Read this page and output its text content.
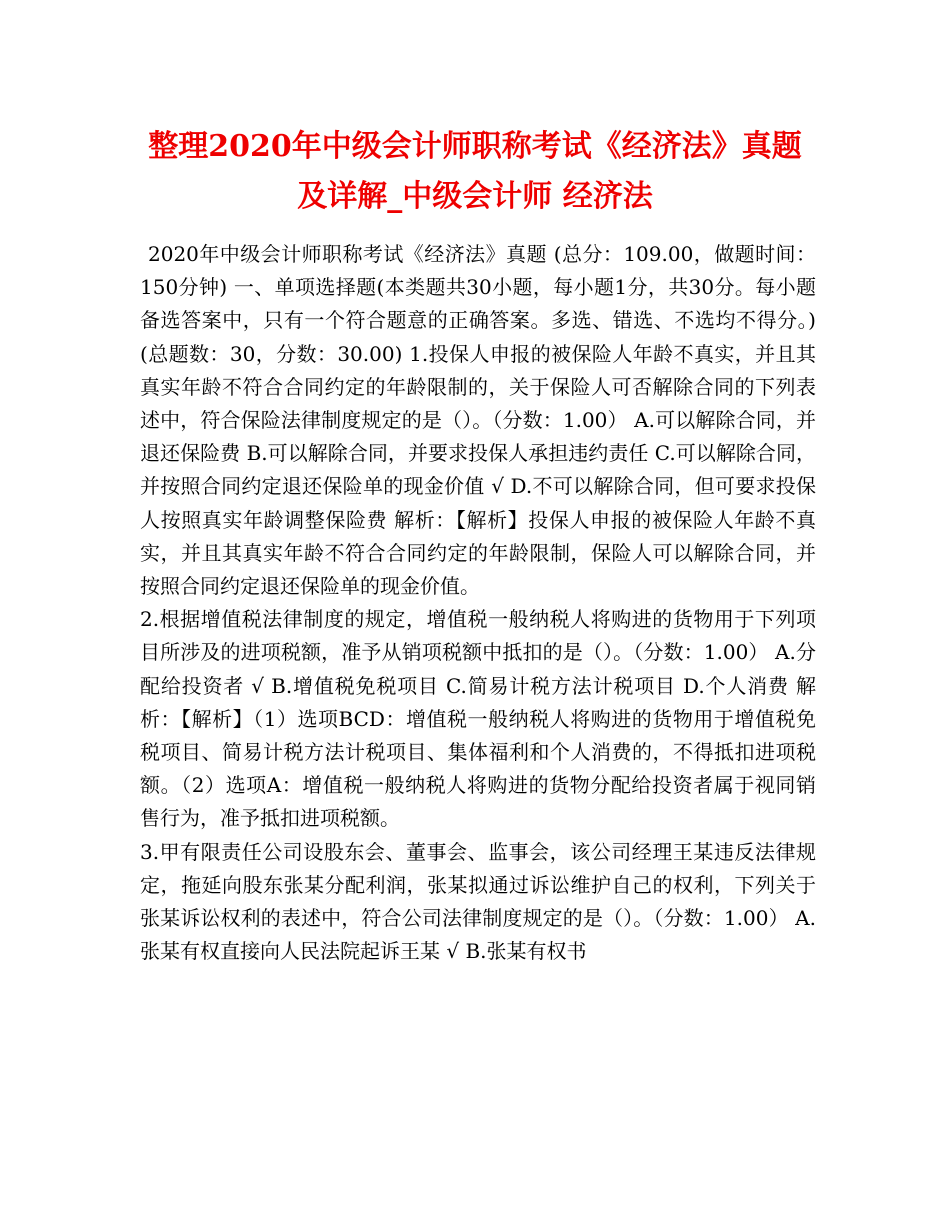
整理2020年中级会计师职称考试《经济法》真题及详解_中级会计师 经济法

2020年中级会计师职称考试《经济法》真题 (总分：109.00，做题时间：150分钟) 一、单项选择题(本类题共30小题，每小题1分，共30分。每小题备选答案中，只有一个符合题意的正确答案。多选、错选、不选均不得分。)(总题数：30，分数：30.00) 1.投保人申报的被保险人年龄不真实，并且其真实年龄不符合合同约定的年龄限制的，关于保险人可否解除合同的下列表述中，符合保险法律制度规定的是（）。（分数：1.00） A.可以解除合同，并退还保险费 B.可以解除合同，并要求投保人承担违约责任 C.可以解除合同，并按照合同约定退还保险单的现金价值 √ D.不可以解除合同，但可要求投保人按照真实年龄调整保险费 解析：【解析】投保人申报的被保险人年龄不真实，并且其真实年龄不符合合同约定的年龄限制，保险人可以解除合同，并按照合同约定退还保险单的现金价值。

2.根据增值税法律制度的规定，增值税一般纳税人将购进的货物用于下列项目所涉及的进项税额，准予从销项税额中抵扣的是（）。（分数：1.00） A.分配给投资者 √ B.增值税免税项目 C.简易计税方法计税项目 D.个人消费 解析：【解析】（1）选项BCD：增值税一般纳税人将购进的货物用于增值税免税项目、简易计税方法计税项目、集体福利和个人消费的，不得抵扣进项税额。（2）选项A：增值税一般纳税人将购进的货物分配给投资者属于视同销售行为，准予抵扣进项税额。

3.甲有限责任公司设股东会、董事会、监事会，该公司经理王某违反法律规定，拖延向股东张某分配利润，张某拟通过诉讼维护自己的权利，下列关于张某诉讼权利的表述中，符合公司法律制度规定的是（）。（分数：1.00） A.张某有权直接向人民法院起诉王某 √ B.张某有权书
